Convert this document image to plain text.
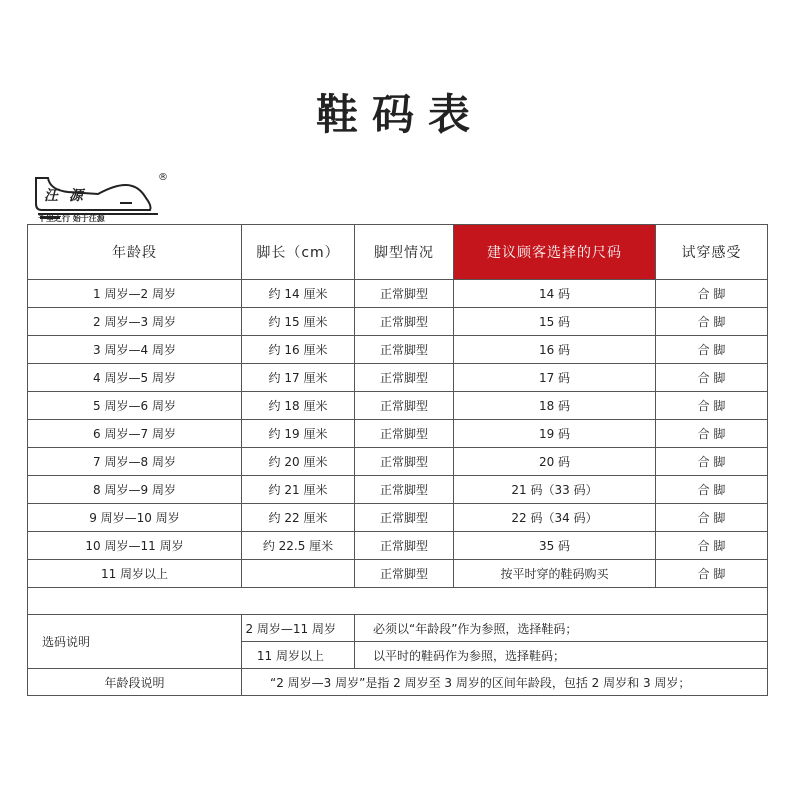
鞋码表
汪 源
®
千里之行 始于汪源
年龄段	脚长（cm）	脚型情况	建议顾客选择的尺码	试穿感受
1 周岁—2 周岁	约 14 厘米	正常脚型	14 码	合 脚
2 周岁—3 周岁	约 15 厘米	正常脚型	15 码	合 脚
3 周岁—4 周岁	约 16 厘米	正常脚型	16 码	合 脚
4 周岁—5 周岁	约 17 厘米	正常脚型	17 码	合 脚
5 周岁—6 周岁	约 18 厘米	正常脚型	18 码	合 脚
6 周岁—7 周岁	约 19 厘米	正常脚型	19 码	合 脚
7 周岁—8 周岁	约 20 厘米	正常脚型	20 码	合 脚
8 周岁—9 周岁	约 21 厘米	正常脚型	21 码（33 码）	合 脚
9 周岁—10 周岁	约 22 厘米	正常脚型	22 码（34 码）	合 脚
10 周岁—11 周岁	约 22.5 厘米	正常脚型	35 码	合 脚
11 周岁以上		正常脚型	按平时穿的鞋码购买	合 脚

选码说明	2 周岁—11 周岁	必须以“年龄段”作为参照，选择鞋码；		
	11 周岁以上	以平时的鞋码作为参照，选择鞋码；		
年龄段说明	“2 周岁—3 周岁”是指 2 周岁至 3 周岁的区间年龄段，包括 2 周岁和 3 周岁；			
